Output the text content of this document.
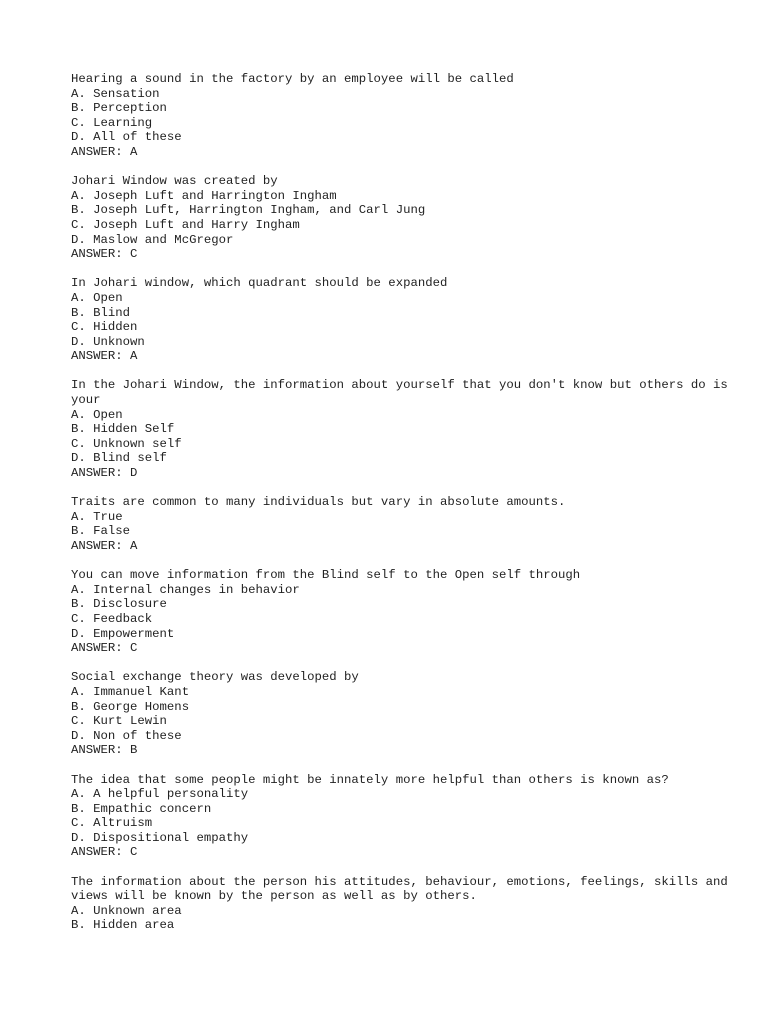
Hearing a sound in the factory by an employee will be called
A. Sensation
B. Perception
C. Learning
D. All of these
ANSWER: A
Johari Window was created by
A. Joseph Luft and Harrington Ingham
B. Joseph Luft, Harrington Ingham, and Carl Jung
C. Joseph Luft and Harry Ingham
D. Maslow and McGregor
ANSWER: C
In Johari window, which quadrant should be expanded
A. Open
B. Blind
C. Hidden
D. Unknown
ANSWER: A
In the Johari Window, the information about yourself that you don't know but others do is your
A. Open
B. Hidden Self
C. Unknown self
D. Blind self
ANSWER: D
Traits are common to many individuals but vary in absolute amounts.
A. True
B. False
ANSWER: A
You can move information from the Blind self to the Open self through
A. Internal changes in behavior
B. Disclosure
C. Feedback
D. Empowerment
ANSWER: C
Social exchange theory was developed by
A. Immanuel Kant
B. George Homens
C. Kurt Lewin
D. Non of these
ANSWER: B
The idea that some people might be innately more helpful than others is known as?
A. A helpful personality
B. Empathic concern
C. Altruism
D. Dispositional empathy
ANSWER: C
The information about the person his attitudes, behaviour, emotions, feelings, skills and views will be known by the person as well as by others.
A. Unknown area
B. Hidden area
